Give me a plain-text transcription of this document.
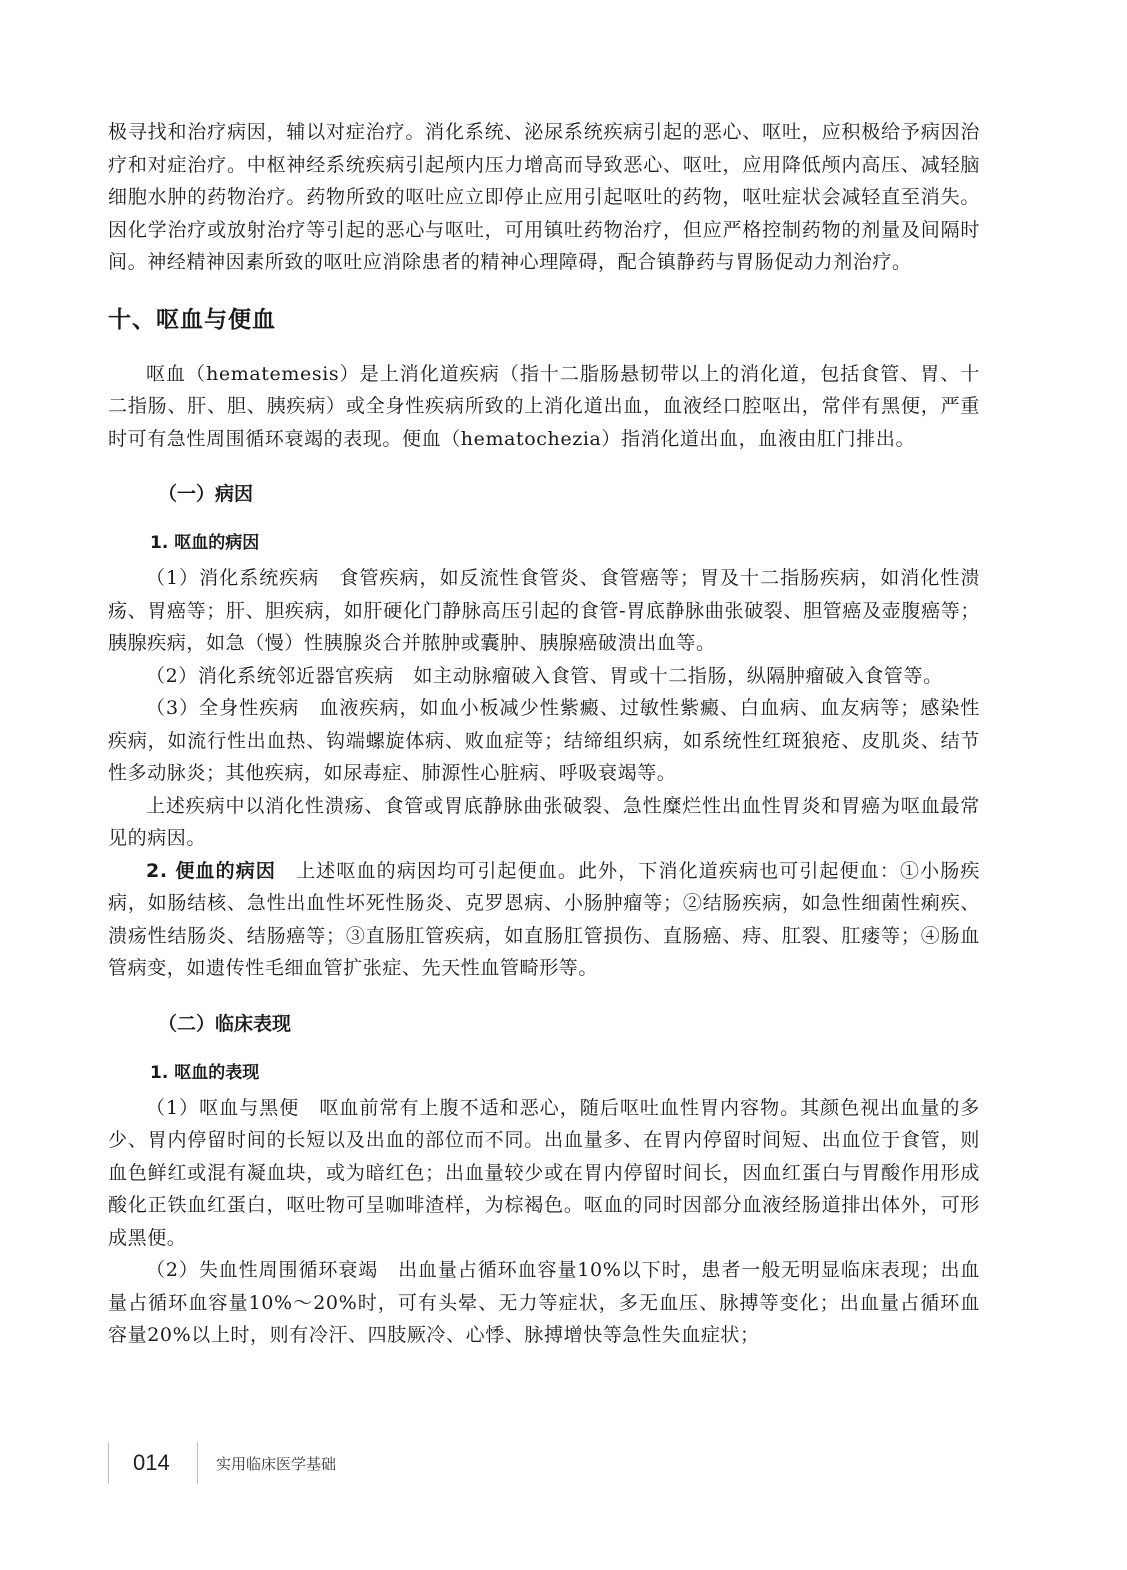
极寻找和治疗病因，辅以对症治疗。消化系统、泌尿系统疾病引起的恶心、呕吐，应积极给予病因治疗和对症治疗。中枢神经系统疾病引起颅内压力增高而导致恶心、呕吐，应用降低颅内高压、减轻脑细胞水肿的药物治疗。药物所致的呕吐应立即停止应用引起呕吐的药物，呕吐症状会减轻直至消失。因化学治疗或放射治疗等引起的恶心与呕吐，可用镇吐药物治疗，但应严格控制药物的剂量及间隔时间。神经精神因素所致的呕吐应消除患者的精神心理障碍，配合镇静药与胃肠促动力剂治疗。

十、呕血与便血

呕血（hematemesis）是上消化道疾病（指十二脂肠悬韧带以上的消化道，包括食管、胃、十二指肠、肝、胆、胰疾病）或全身性疾病所致的上消化道出血，血液经口腔呕出，常伴有黑便，严重时可有急性周围循环衰竭的表现。便血（hematochezia）指消化道出血，血液由肛门排出。

（一）病因
1. 呕血的病因

（1）消化系统疾病　食管疾病，如反流性食管炎、食管癌等；胃及十二指肠疾病，如消化性溃疡、胃癌等；肝、胆疾病，如肝硬化门静脉高压引起的食管-胃底静脉曲张破裂、胆管癌及壶腹癌等；胰腺疾病，如急（慢）性胰腺炎合并脓肿或囊肿、胰腺癌破溃出血等。

（2）消化系统邻近器官疾病　如主动脉瘤破入食管、胃或十二指肠，纵隔肿瘤破入食管等。

（3）全身性疾病　血液疾病，如血小板减少性紫癜、过敏性紫癜、白血病、血友病等；感染性疾病，如流行性出血热、钩端螺旋体病、败血症等；结缔组织病，如系统性红斑狼疮、皮肌炎、结节性多动脉炎；其他疾病，如尿毒症、肺源性心脏病、呼吸衰竭等。

上述疾病中以消化性溃疡、食管或胃底静脉曲张破裂、急性糜烂性出血性胃炎和胃癌为呕血最常见的病因。

2. 便血的病因　 上述呕血的病因均可引起便血。此外，下消化道疾病也可引起便血：①小肠疾病，如肠结核、急性出血性坏死性肠炎、克罗恩病、小肠肿瘤等；②结肠疾病，如急性细菌性痢疾、溃疡性结肠炎、结肠癌等；③直肠肛管疾病，如直肠肛管损伤、直肠癌、痔、肛裂、肛瘘等；④肠血管病变，如遗传性毛细血管扩张症、先天性血管畸形等。

（二）临床表现
1. 呕血的表现

（1）呕血与黑便　呕血前常有上腹不适和恶心，随后呕吐血性胃内容物。其颜色视出血量的多少、胃内停留时间的长短以及出血的部位而不同。出血量多、在胃内停留时间短、出血位于食管，则血色鲜红或混有凝血块，或为暗红色；出血量较少或在胃内停留时间长，因血红蛋白与胃酸作用形成酸化正铁血红蛋白，呕吐物可呈咖啡渣样，为棕褐色。呕血的同时因部分血液经肠道排出体外，可形成黑便。

（2）失血性周围循环衰竭　出血量占循环血容量10%以下时，患者一般无明显临床表现；出血量占循环血容量10%～20%时，可有头晕、无力等症状，多无血压、脉搏等变化；出血量占循环血容量20%以上时，则有冷汗、四肢厥冷、心悸、脉搏增快等急性失血症状；

014	实用临床医学基础
